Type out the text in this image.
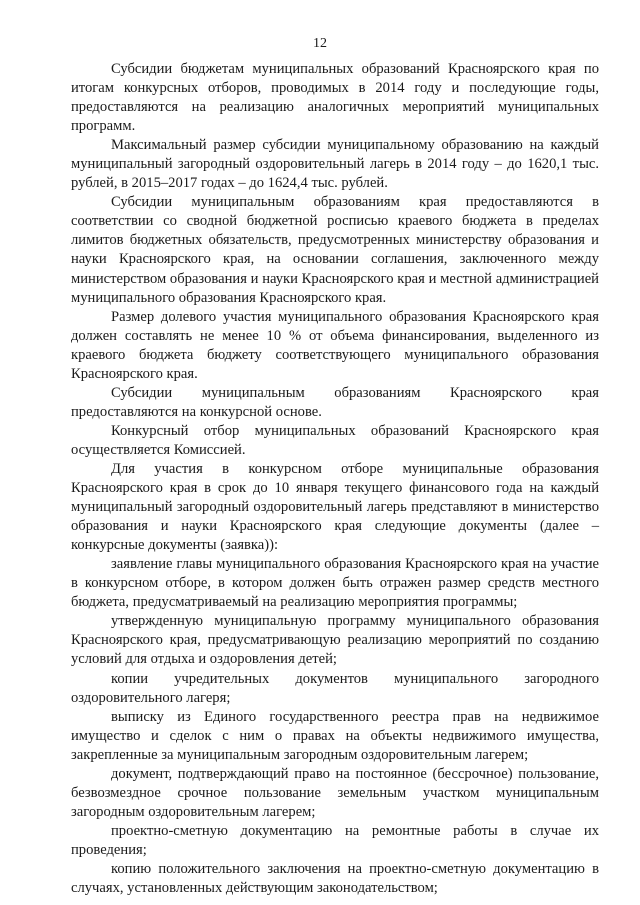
12

Субсидии бюджетам муниципальных образований Красноярского края по итогам конкурсных отборов, проводимых в 2014 году и последующие годы, предоставляются на реализацию аналогичных мероприятий муниципальных программ.

Максимальный размер субсидии муниципальному образованию на каждый муниципальный загородный оздоровительный лагерь в 2014 году – до 1620,1 тыс. рублей, в 2015–2017 годах – до 1624,4 тыс. рублей.

Субсидии муниципальным образованиям края предоставляются в соответствии со сводной бюджетной росписью краевого бюджета в пределах лимитов бюджетных обязательств, предусмотренных министерству образования и науки Красноярского края, на основании соглашения, заключенного между министерством образования и науки Красноярского края и местной администрацией муниципального образования Красноярского края.

Размер долевого участия муниципального образования Красноярского края должен составлять не менее 10 % от объема финансирования, выделенного из краевого бюджета бюджету соответствующего муниципального образования Красноярского края.

Субсидии муниципальным образованиям Красноярского края предоставляются на конкурсной основе.

Конкурсный отбор муниципальных образований Красноярского края осуществляется Комиссией.

Для участия в конкурсном отборе муниципальные образования Красноярского края в срок до 10 января текущего финансового года на каждый муниципальный загородный оздоровительный лагерь представляют в министерство образования и науки Красноярского края следующие документы (далее – конкурсные документы (заявка)):

заявление главы муниципального образования Красноярского края на участие в конкурсном отборе, в котором должен быть отражен размер средств местного бюджета, предусматриваемый на реализацию мероприятия программы;

утвержденную муниципальную программу муниципального образования Красноярского края, предусматривающую реализацию мероприятий по созданию условий для отдыха и оздоровления детей;

копии учредительных документов муниципального загородного оздоровительного лагеря;

выписку из Единого государственного реестра прав на недвижимое имущество и сделок с ним о правах на объекты недвижимого имущества, закрепленные за муниципальным загородным оздоровительным лагерем;

документ, подтверждающий право на постоянное (бессрочное) пользование, безвозмездное срочное пользование земельным участком муниципальным загородным оздоровительным лагерем;

проектно-сметную документацию на ремонтные работы в случае их проведения;

копию положительного заключения на проектно-сметную документацию в случаях, установленных действующим законодательством;
